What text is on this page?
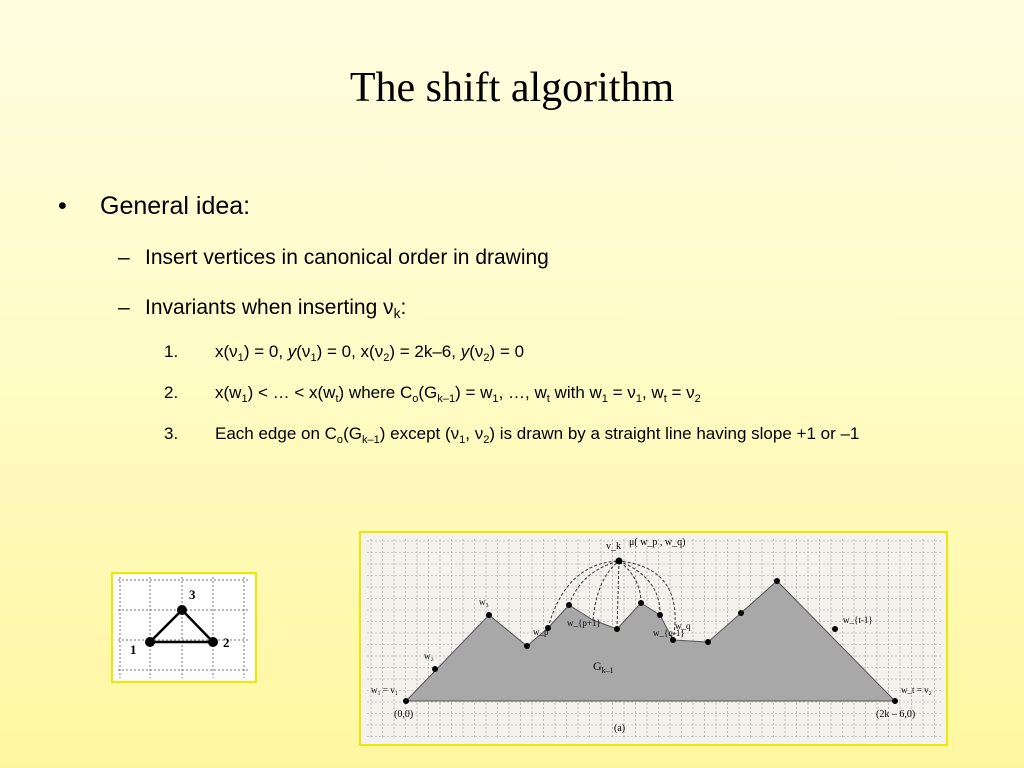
The shift algorithm
• General idea:
– Insert vertices in canonical order in drawing
– Invariants when inserting $\nu_k$:
1. $x(\nu_1) = 0$, $y(\nu_1) = 0$, $x(\nu_2) = 2k-6$, $y(\nu_2) = 0$
2. $x(w_1)$ < … < $x(w_t)$ where $C_o(G_{k-1}) = w_1$, …, $w_t$ with $w_1 = \nu_1$, $w_t = \nu_2$
3. Each edge on $C_o(G_{k-1})$ except ($\nu_1$, $\nu_2$) is drawn by a straight line having slope +1 or –1
3
1	2
v_k μ( w_p , w_q)
w₃
w₂
w_p
w_{p+1}
w_{q-1}
w_q
w_{t-1}
w₁ = v₁	w_t = v₂
$G_{k-1}$
(0,0)	(2k – 6,0)
(a)
